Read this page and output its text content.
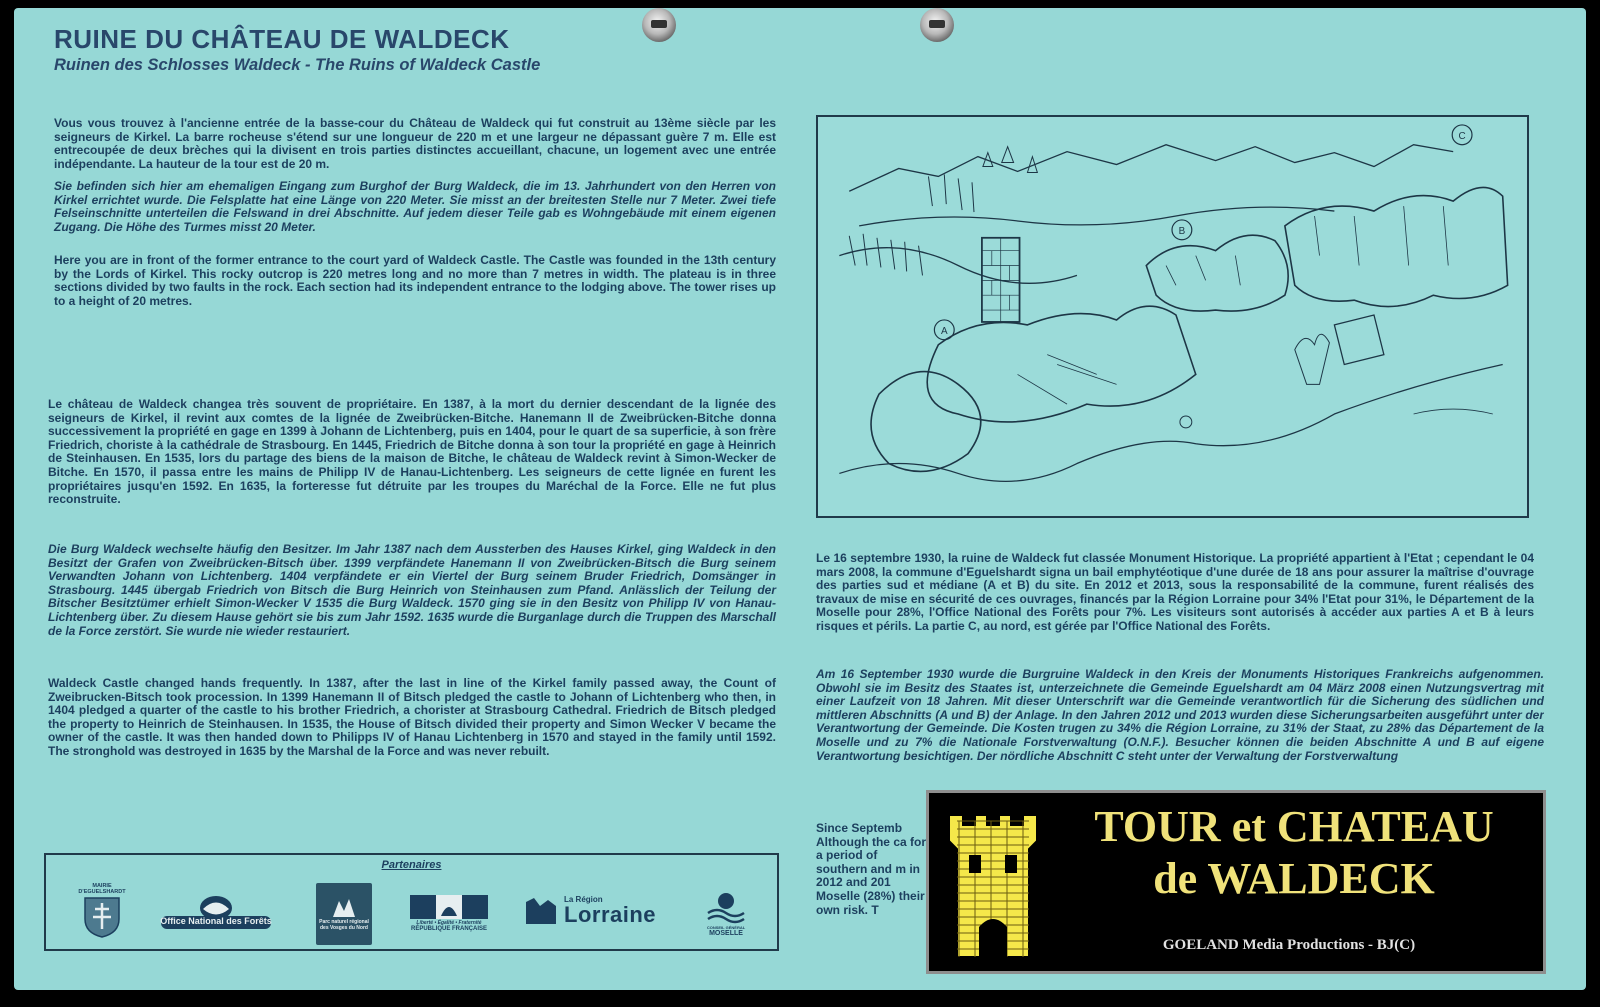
RUINE DU CHÂTEAU DE WALDECK
Ruinen des Schlosses Waldeck - The Ruins of Waldeck Castle

Vous vous trouvez à l'ancienne entrée de la basse-cour du Château de Waldeck qui fut construit au 13ème siècle par les seigneurs de Kirkel. La barre rocheuse s'étend sur une longueur de 220 m et une largeur ne dépassant guère 7 m. Elle est entrecoupée de deux brèches qui la divisent en trois parties distinctes accueillant, chacune, un logement avec une entrée indépendante. La hauteur de la tour est de 20 m.

Sie befinden sich hier am ehemaligen Eingang zum Burghof der Burg Waldeck, die im 13. Jahrhundert von den Herren von Kirkel errichtet wurde. Die Felsplatte hat eine Länge von 220 Meter. Sie misst an der breitesten Stelle nur 7 Meter. Zwei tiefe Felseinschnitte unterteilen die Felswand in drei Abschnitte. Auf jedem dieser Teile gab es Wohngebäude mit einem eigenen Zugang. Die Höhe des Turmes misst 20 Meter.

Here you are in front of the former entrance to the court yard of Waldeck Castle. The Castle was founded in the 13th century by the Lords of Kirkel. This rocky outcrop is 220 metres long and no more than 7 metres in width. The plateau is in three sections divided by two faults in the rock. Each section had its independent entrance to the lodging above. The tower rises up to a height of 20 metres.

Le château de Waldeck changea très souvent de propriétaire. En 1387, à la mort du dernier descendant de la lignée des seigneurs de Kirkel, il revint aux comtes de la lignée de Zweibrücken-Bitche. Hanemann II de Zweibrücken-Bitche donna successivement la propriété en gage en 1399 à Johann de Lichtenberg, puis en 1404, pour le quart de sa superficie, à son frère Friedrich, choriste à la cathédrale de Strasbourg. En 1445, Friedrich de Bitche donna à son tour la propriété en gage à Heinrich de Steinhausen. En 1535, lors du partage des biens de la maison de Bitche, le château de Waldeck revint à Simon-Wecker de Bitche. En 1570, il passa entre les mains de Philipp IV de Hanau-Lichtenberg. Les seigneurs de cette lignée en furent les propriétaires jusqu'en 1592. En 1635, la forteresse fut détruite par les troupes du Maréchal de la Force. Elle ne fut plus reconstruite.

Die Burg Waldeck wechselte häufig den Besitzer. Im Jahr 1387 nach dem Aussterben des Hauses Kirkel, ging Waldeck in den Besitzt der Grafen von Zweibrücken-Bitsch über. 1399 verpfändete Hanemann II von Zweibrücken-Bitsch die Burg seinem Verwandten Johann von Lichtenberg. 1404 verpfändete er ein Viertel der Burg seinem Bruder Friedrich, Domsänger in Strasbourg. 1445 übergab Friedrich von Bitsch die Burg Heinrich von Steinhausen zum Pfand. Anlässlich der Teilung der Bitscher Besitztümer erhielt Simon-Wecker V 1535 die Burg Waldeck. 1570 ging sie in den Besitz von Philipp IV von Hanau-Lichtenberg über. Zu diesem Hause gehört sie bis zum Jahr 1592. 1635 wurde die Burganlage durch die Truppen des Marschall de la Force zerstört. Sie wurde nie wieder restauriert.

Waldeck Castle changed hands frequently. In 1387, after the last in line of the Kirkel family passed away, the Count of Zweibrucken-Bitsch took procession. In 1399 Hanemann II of Bitsch pledged the castle to Johann of Lichtenberg who then, in 1404 pledged a quarter of the castle to his brother Friedrich, a chorister at Strasbourg Cathedral. Friedrich de Bitsch pledged the property to Heinrich de Steinhausen. In 1535, the House of Bitsch divided their property and Simon Wecker V became the owner of the castle. It was then handed down to Philipps IV of Hanau Lichtenberg in 1570 and stayed in the family until 1592. The stronghold was destroyed in 1635 by the Marshal de la Force and was never rebuilt.

A
B
C

Le 16 septembre 1930, la ruine de Waldeck fut classée Monument Historique. La propriété appartient à l'Etat ; cependant le 04 mars 2008, la commune d'Eguelshardt signa un bail emphytéotique d'une durée de 18 ans pour assurer la maîtrise d'ouvrage des parties sud et médiane (A et B) du site. En 2012 et 2013, sous la responsabilité de la commune, furent réalisés des travaux de mise en sécurité de ces ouvrages, financés par la Région Lorraine pour 34% l'Etat pour 31%, le Département de la Moselle pour 28%, l'Office National des Forêts pour 7%. Les visiteurs sont autorisés à accéder aux parties A et B à leurs risques et périls. La partie C, au nord, est gérée par l'Office National des Forêts.

Am 16 September 1930 wurde die Burgruine Waldeck in den Kreis der Monuments Historiques Frankreichs aufgenommen. Obwohl sie im Besitz des Staates ist, unterzeichnete die Gemeinde Eguelshardt am 04 März 2008 einen Nutzungsvertrag mit einer Laufzeit von 18 Jahren. Mit dieser Unterschrift war die Gemeinde verantwortlich für die Sicherung des südlichen und mittleren Abschnitts (A und B) der Anlage. In den Jahren 2012 und 2013 wurden diese Sicherungsarbeiten ausgeführt unter der Verantwortung der Gemeinde. Die Kosten trugen zu 34% die Région Lorraine, zu 31% der Staat, zu 28% das Département de la Moselle und zu 7% die Nationale Forstverwaltung (O.N.F.). Besucher können die beiden Abschnitte A und B auf eigene Verantwortung besichtigen. Der nördliche Abschnitt C steht unter der Verwaltung der Forstverwaltung

Since Septemb Although the ca for a period of southern and m in 2012 and 201 Moselle (28%) their own risk. T

Partenaires
MAIRIE D'EGUELSHARDT
Office National des Forêts	Parc naturel régional des Vosges du Nord
Liberté • Égalité • Fraternité
RÉPUBLIQUE FRANÇAISE
La Région
Lorraine
CONSEIL GÉNÉRAL
MOSELLE
TOUR et CHATEAU
de WALDECK
GOELAND Media Productions - BJ(C)
